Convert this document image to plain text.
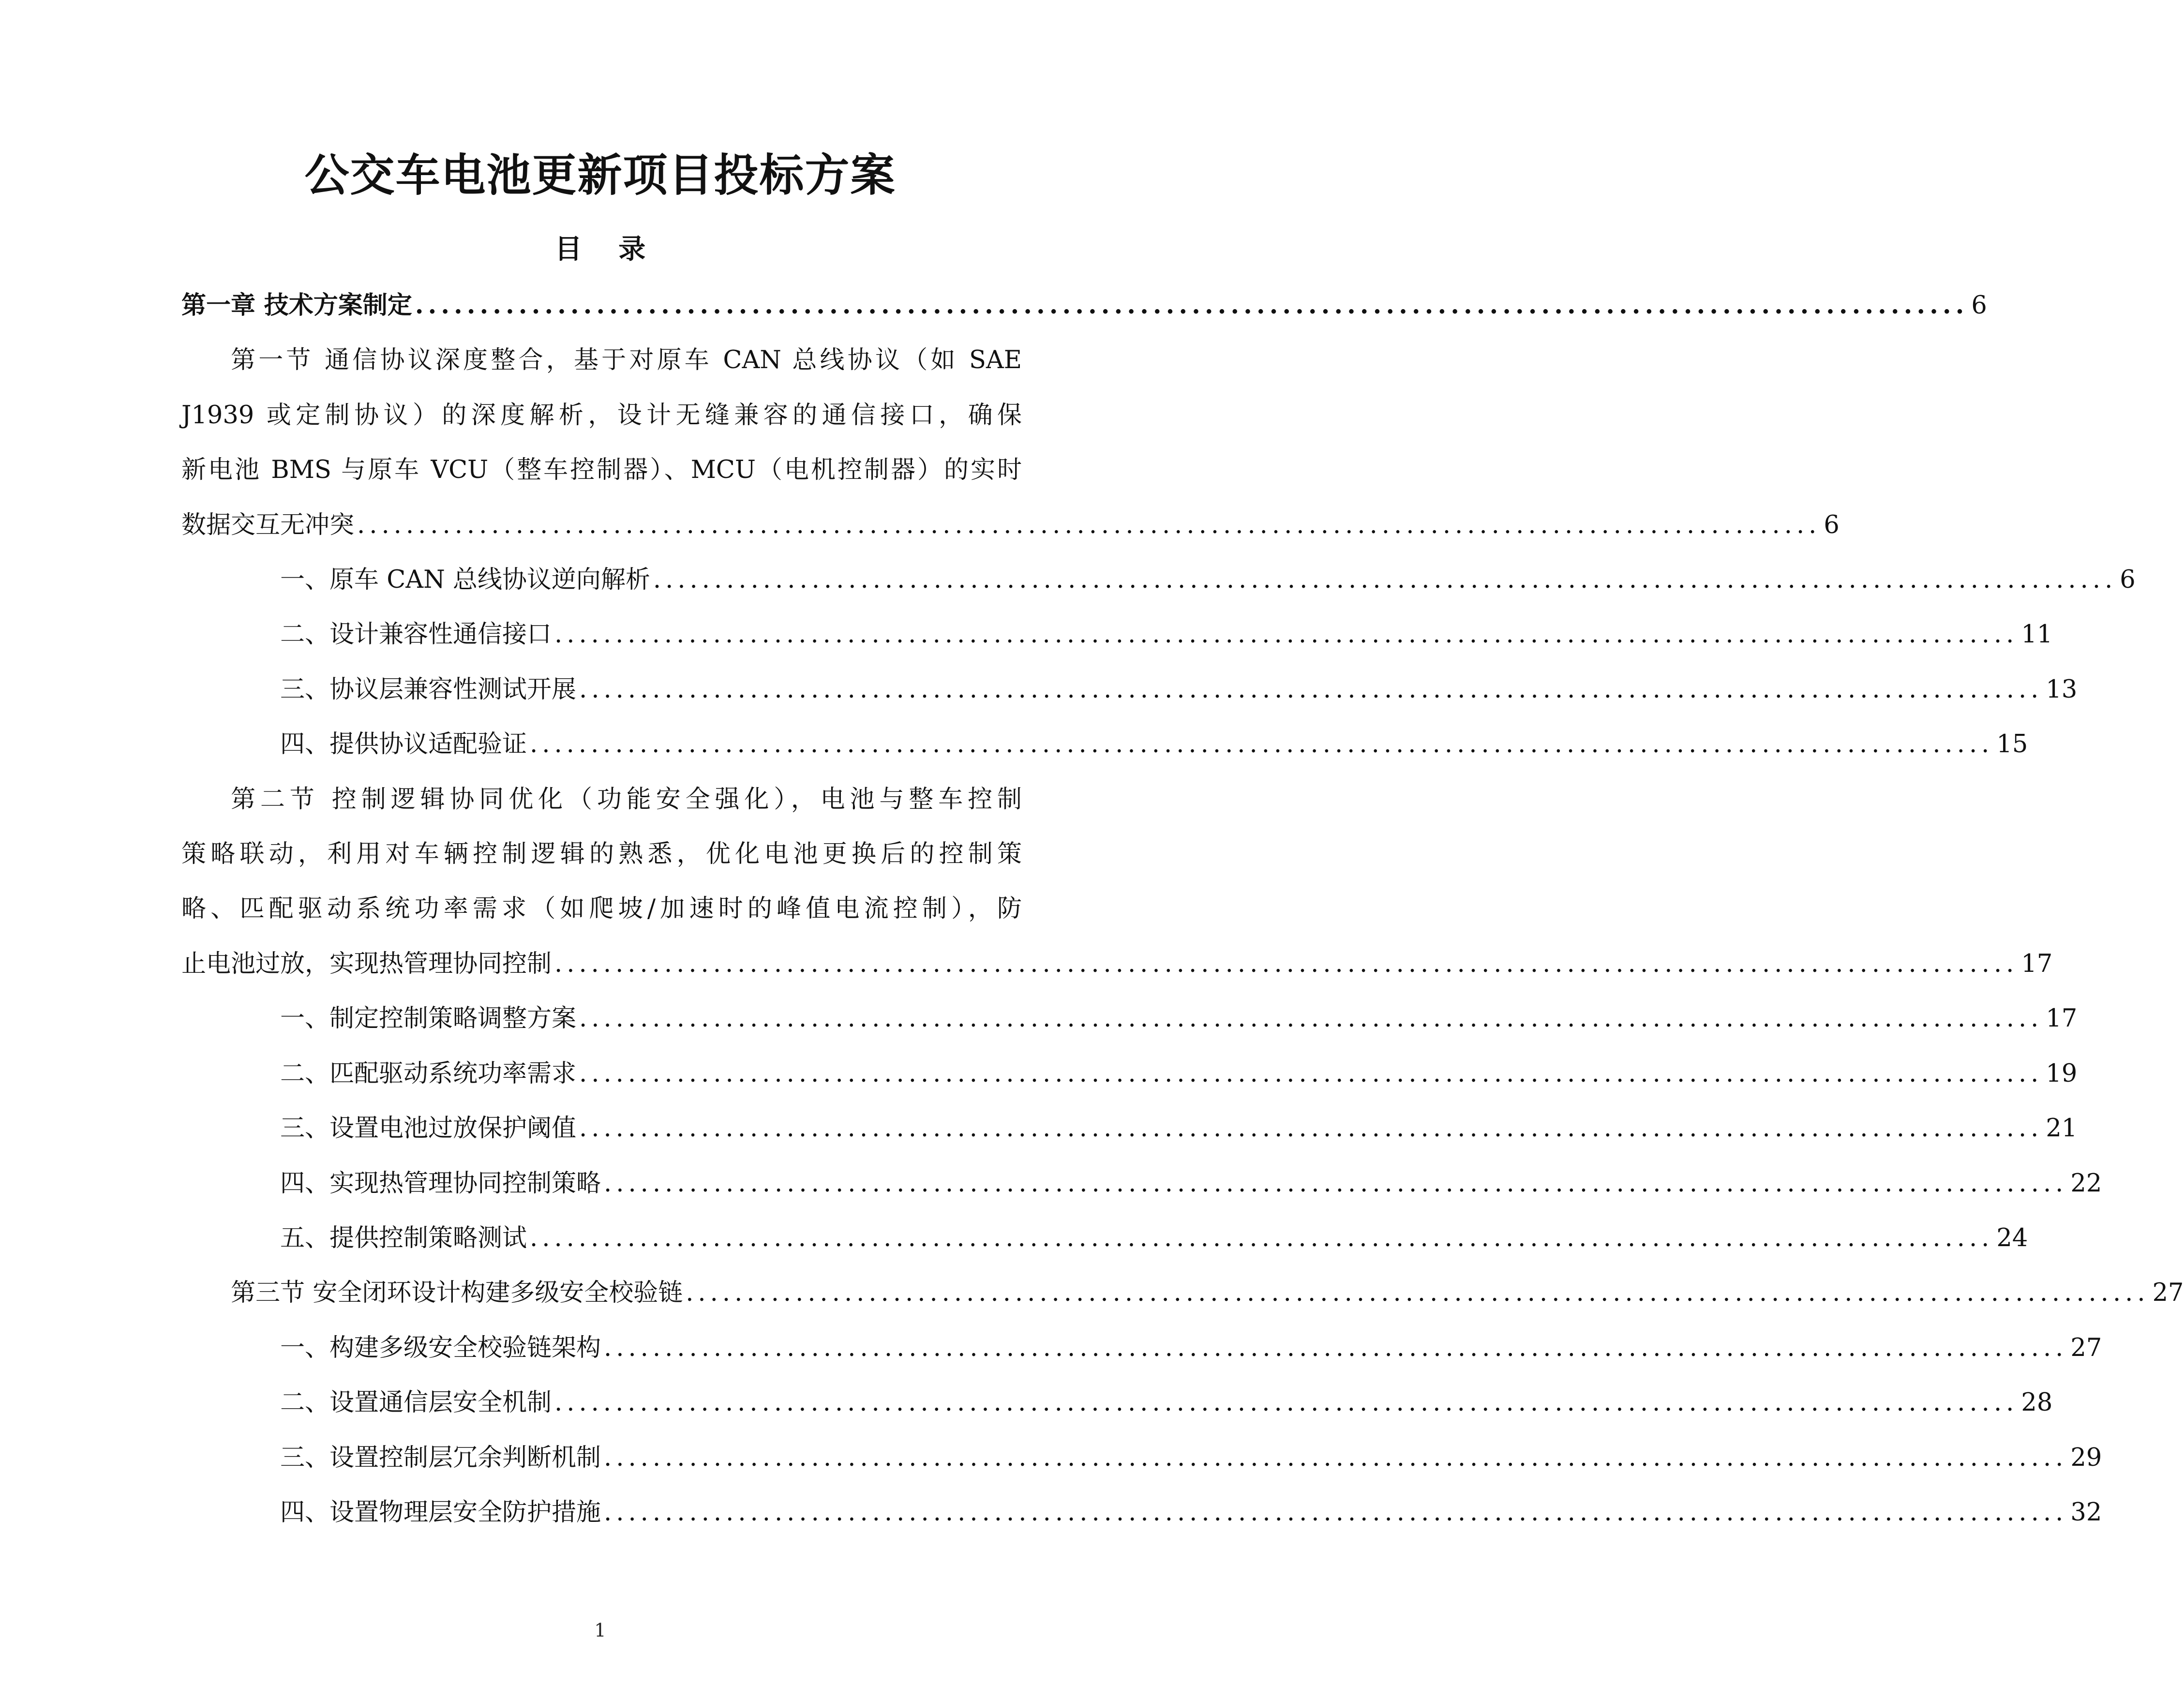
公交车电池更新项目投标方案
目 录
第一章 技术方案制定 ........................................................................................................................ 6
第一节 通信协议深度整合，基于对原车 CAN 总线协议（如 SAE
J1939 或定制协议）的深度解析，设计无缝兼容的通信接口，确保
新电池 BMS 与原车 VCU（整车控制器）、MCU（电机控制器）的实时
数据交互无冲突 ........................................................................................................................ 6
一、原车 CAN 总线协议逆向解析 ........................................................................................................................ 6
二、设计兼容性通信接口 ........................................................................................................................ 11
三、协议层兼容性测试开展 ........................................................................................................................ 13
四、提供协议适配验证 ........................................................................................................................ 15
第二节 控制逻辑协同优化（功能安全强化），电池与整车控制
策略联动，利用对车辆控制逻辑的熟悉，优化电池更换后的控制策
略、匹配驱动系统功率需求（如爬坡/加速时的峰值电流控制），防
止电池过放，实现热管理协同控制 ........................................................................................................................ 17
一、制定控制策略调整方案 ........................................................................................................................ 17
二、匹配驱动系统功率需求 ........................................................................................................................ 19
三、设置电池过放保护阈值 ........................................................................................................................ 21
四、实现热管理协同控制策略 ........................................................................................................................ 22
五、提供控制策略测试 ........................................................................................................................ 24
第三节 安全闭环设计构建多级安全校验链 ........................................................................................................................ 27
一、构建多级安全校验链架构 ........................................................................................................................ 27
二、设置通信层安全机制 ........................................................................................................................ 28
三、设置控制层冗余判断机制 ........................................................................................................................ 29
四、设置物理层安全防护措施 ........................................................................................................................ 32
1
